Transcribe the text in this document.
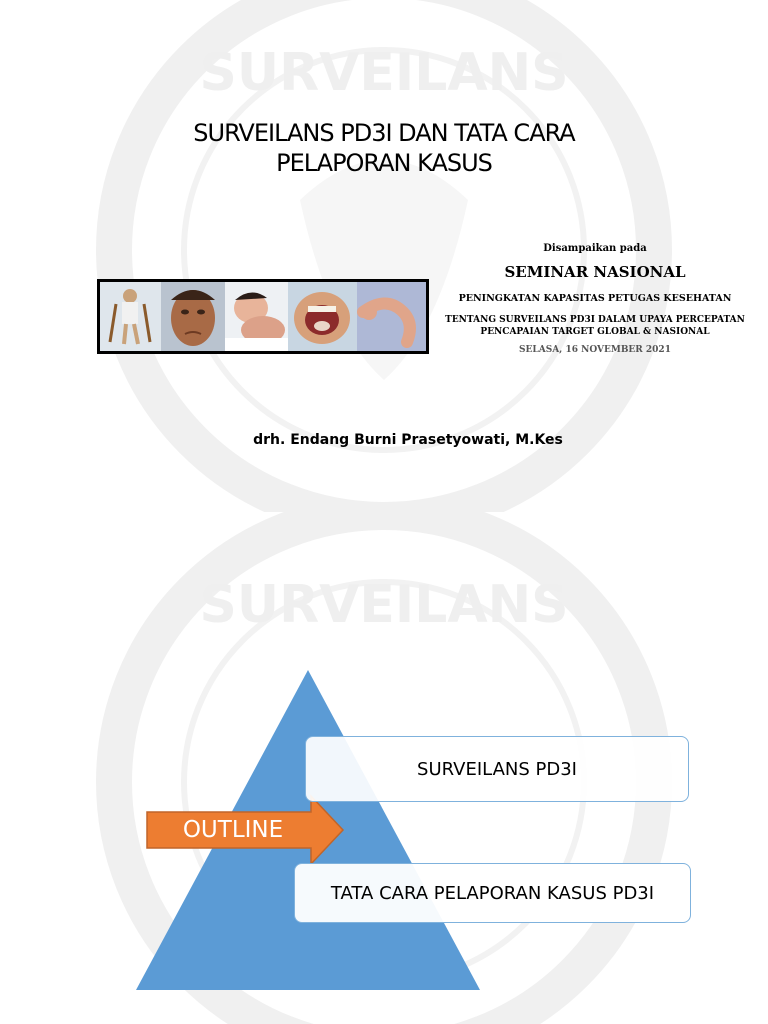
SURVEILANS
SURVEILANS PD3I DAN TATA CARA
PELAPORAN KASUS
Disampaikan pada
SEMINAR NASIONAL
PENINGKATAN KAPASITAS PETUGAS KESEHATAN
TENTANG SURVEILANS PD3I DALAM UPAYA PERCEPATAN
PENCAPAIAN TARGET GLOBAL & NASIONAL
SELASA, 16 NOVEMBER 2021
drh. Endang Burni Prasetyowati, M.Kes
SURVEILANS
OUTLINE
SURVEILANS PD3I
TATA CARA PELAPORAN KASUS PD3I
